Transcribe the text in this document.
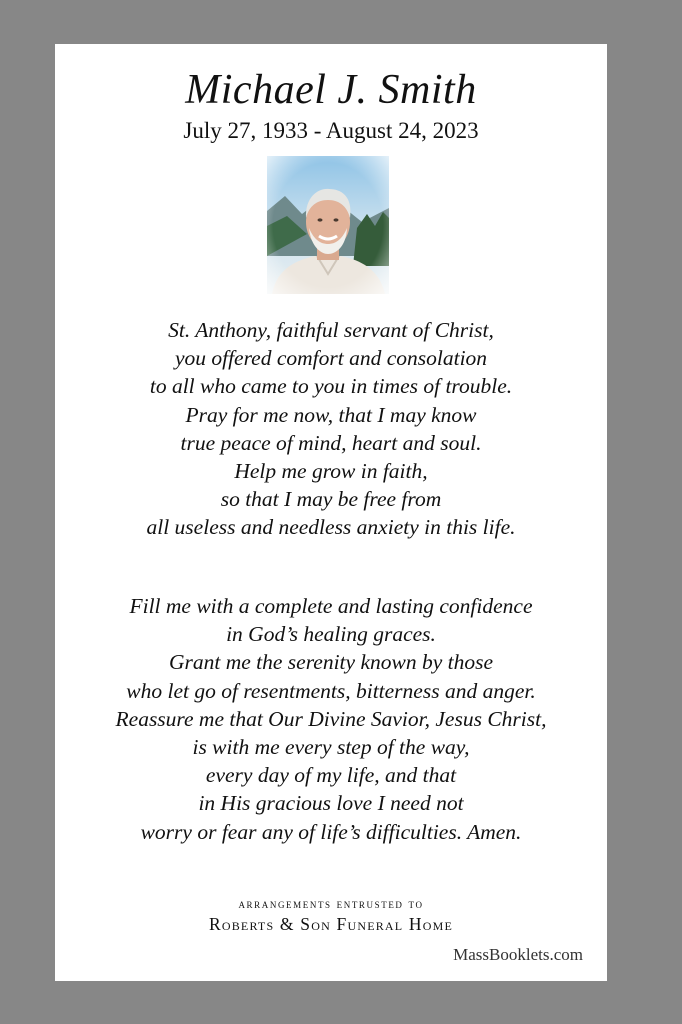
Michael J. Smith
July 27, 1933 - August 24, 2023
St. Anthony, faithful servant of Christ,
you offered comfort and consolation
to all who came to you in times of trouble.
Pray for me now, that I may know
true peace of mind, heart and soul.
Help me grow in faith,
so that I may be free from
all useless and needless anxiety in this life.
Fill me with a complete and lasting confidence
in God’s healing graces.
Grant me the serenity known by those
who let go of resentments, bitterness and anger.
Reassure me that Our Divine Savior, Jesus Christ,
is with me every step of the way,
every day of my life, and that
in His gracious love I need not
worry or fear any of life’s difficulties. Amen.
arrangements entrusted to
Roberts & Son Funeral Home
MassBooklets.com
